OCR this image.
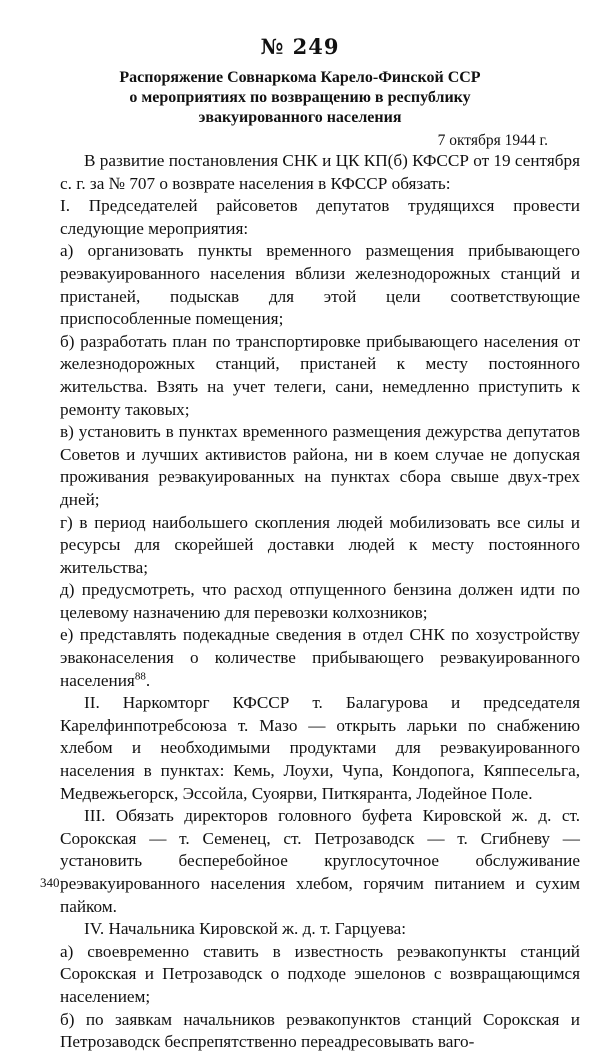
№ 249
Распоряжение Совнаркома Карело-Финской ССР
о мероприятиях по возвращению в республику
эвакуированного населения
7 октября 1944 г.

В развитие постановления СНК и ЦК КП(б) КФССР от 19 сентября с. г. за № 707 о возврате населения в КФССР обязать:

I. Председателей райсоветов депутатов трудящихся провести следующие мероприятия:

а) организовать пункты временного размещения прибывающего реэвакуированного населения вблизи железнодорожных станций и пристаней, подыскав для этой цели соответствующие приспособленные помещения;

б) разработать план по транспортировке прибывающего населения от железнодорожных станций, пристаней к месту постоянного жительства. Взять на учет телеги, сани, немедленно приступить к ремонту таковых;

в) установить в пунктах временного размещения дежурства депутатов Советов и лучших активистов района, ни в коем случае не допуская проживания реэвакуированных на пунктах сбора свыше двух-трех дней;

г) в период наибольшего скопления людей мобилизовать все силы и ресурсы для скорейшей доставки людей к месту постоянного жительства;

д) предусмотреть, что расход отпущенного бензина должен идти по целевому назначению для перевозки колхозников;

е) представлять подекадные сведения в отдел СНК по хозустройству эваконаселения о количестве прибывающего реэвакуированного населения$^{88}$.

II. Наркомторг КФССР т. Балагурова и председателя Карелфинпотребсоюза т. Мазо — открыть ларьки по снабжению хлебом и необходимыми продуктами для реэвакуированного населения в пунктах: Кемь, Лоухи, Чупа, Кондопога, Кяппесельга, Медвежьегорск, Эссойла, Суоярви, Питкяранта, Лодейное Поле.

III. Обязать директоров головного буфета Кировской ж. д. ст. Сорокская — т. Семенец, ст. Петрозаводск — т. Сгибневу — установить бесперебойное круглосуточное обслуживание реэвакуированного населения хлебом, горячим питанием и сухим пайком.

IV. Начальника Кировской ж. д. т. Гарцуева:

а) своевременно ставить в известность реэвакопункты станций Сорокская и Петрозаводск о подходе эшелонов с возвращающимся населением;

б) по заявкам начальников реэвакопунктов станций Сорокская и Петрозаводск беспрепятственно переадресовывать ваго-

340
